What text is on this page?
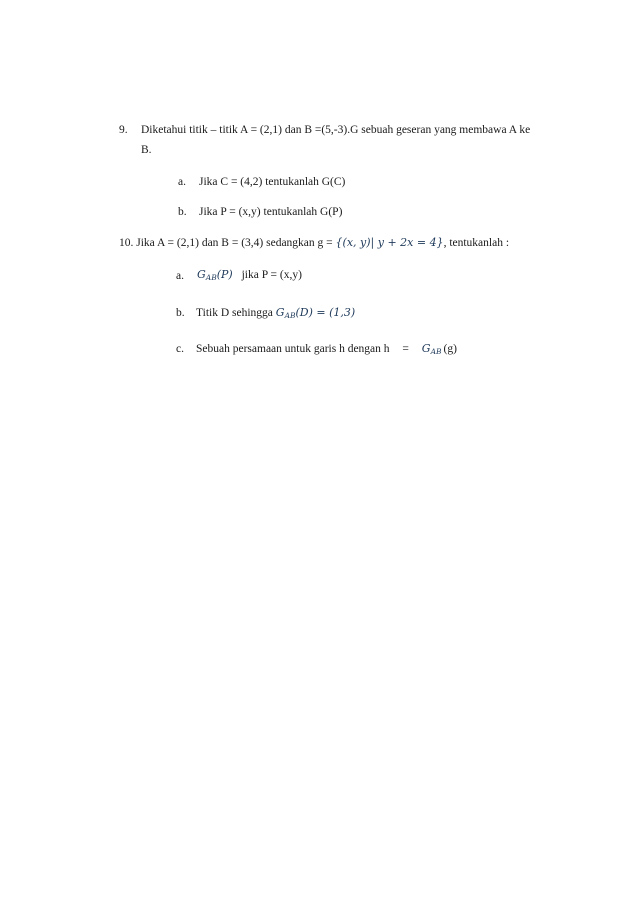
9. Diketahui titik – titik A = (2,1) dan B =(5,-3).G sebuah geseran yang membawa A ke
B.
a. Jika C = (4,2) tentukanlah G(C)
b. Jika P = (x,y) tentukanlah G(P)
10. Jika A = (2,1) dan B = (3,4) sedangkan g = {(x, y)| y + 2x = 4}, tentukanlah :
a. $G_{AB}(P)$ jika P = (x,y)
b. Titik D sehingga $G_{AB}(D) = (1,3)$
c. Sebuah persamaan untuk garis h dengan $h = G_{AB}$ (g)
